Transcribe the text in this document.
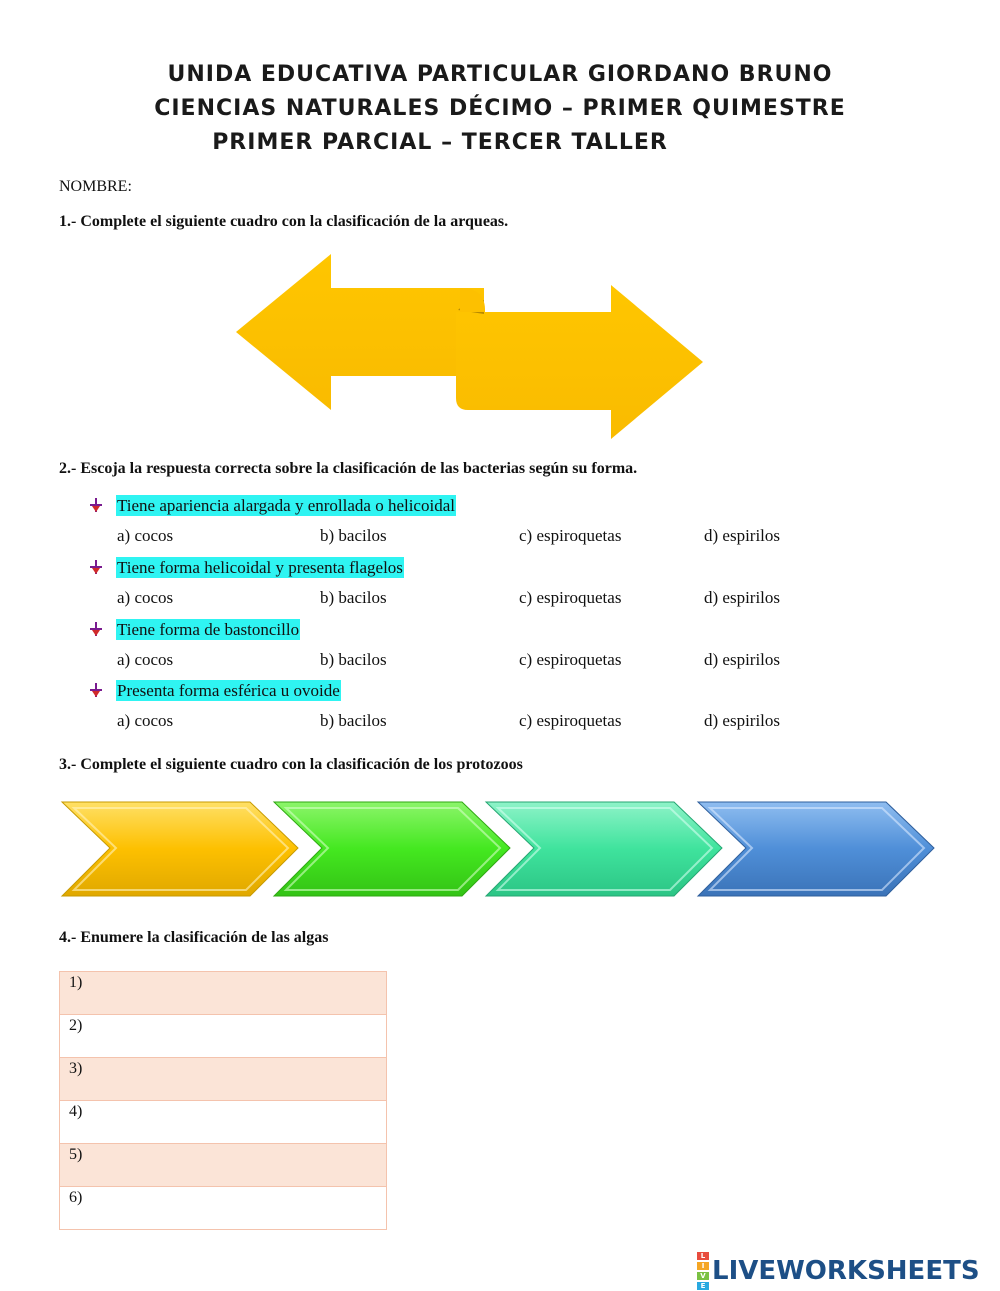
UNIDA EDUCATIVA PARTICULAR GIORDANO BRUNO
CIENCIAS NATURALES DÉCIMO – PRIMER QUIMESTRE
PRIMER PARCIAL – TERCER TALLER
NOMBRE:
1.- Complete el siguiente cuadro con la clasificación de la arqueas.
2.- Escoja la respuesta correcta sobre la clasificación de las bacterias según su forma.
Tiene apariencia alargada y enrollada o helicoidal
a) cocos	b) bacilos	c) espiroquetas	d) espirilos
Tiene forma helicoidal y presenta flagelos
a) cocos	b) bacilos	c) espiroquetas	d) espirilos
Tiene forma de bastoncillo
a) cocos	b) bacilos	c) espiroquetas	d) espirilos
Presenta forma esférica u ovoide
a) cocos	b) bacilos	c) espiroquetas	d) espirilos
3.- Complete el siguiente cuadro con la clasificación de los protozoos
4.- Enumere la clasificación de las algas
1)
2)
3)
4)
5)
6)
L
I
V
E LIVEWORKSHEETS
